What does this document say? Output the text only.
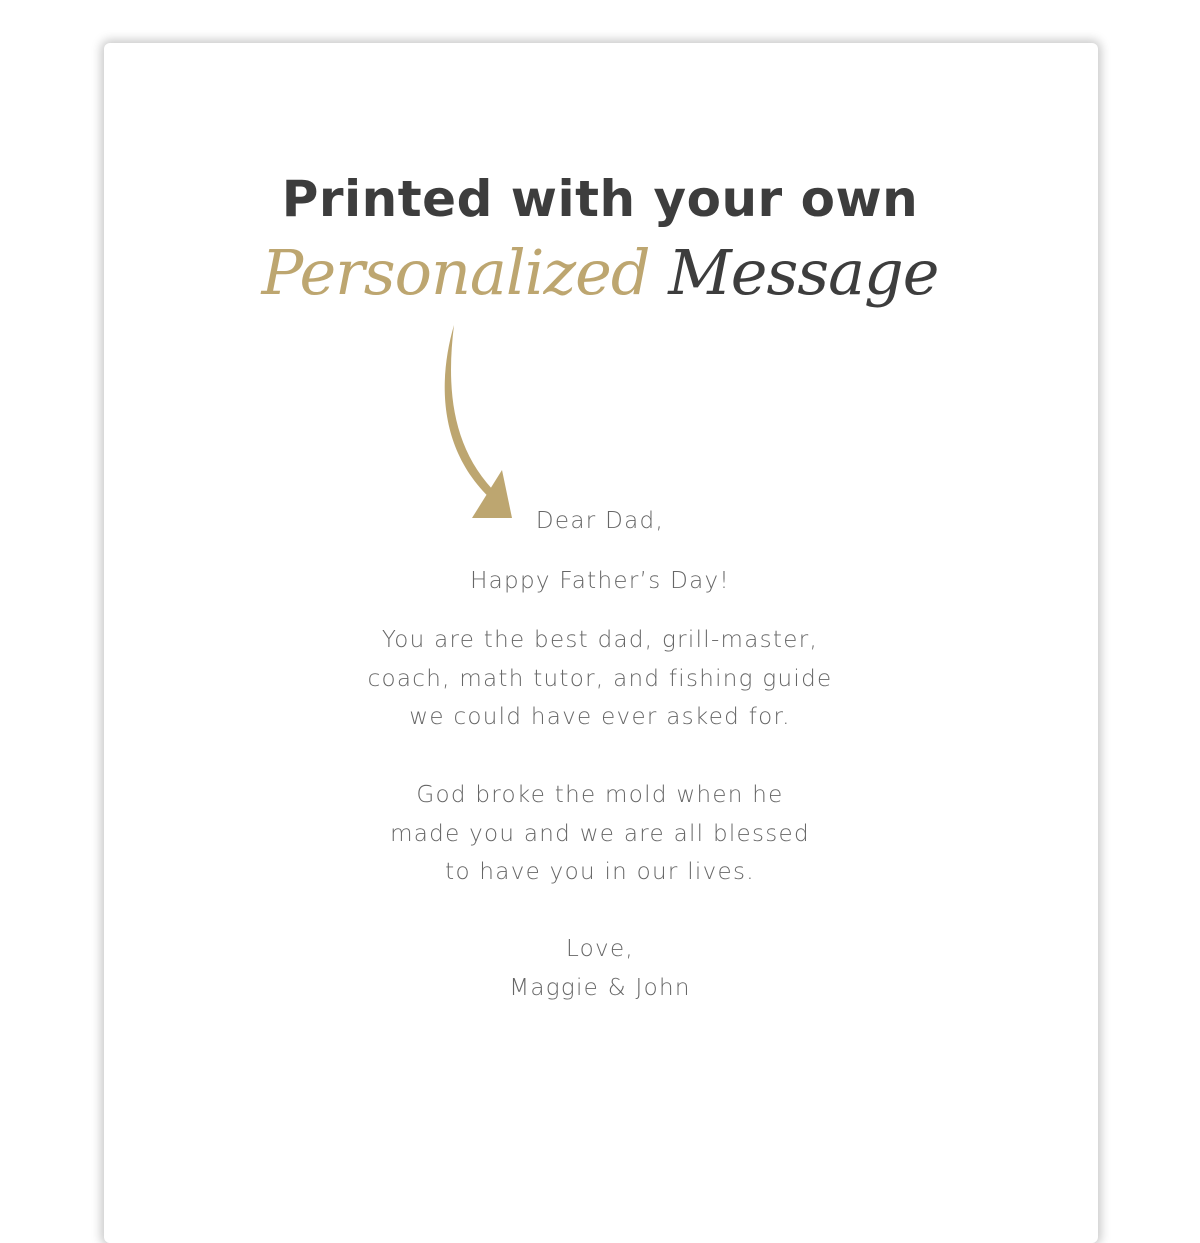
Printed with your own
Personalized Message

Dear Dad,

Happy Father’s Day!

You are the best dad, grill-master,
coach, math tutor, and fishing guide
we could have ever asked for.

God broke the mold when he
made you and we are all blessed
to have you in our lives.

Love,
Maggie & John
